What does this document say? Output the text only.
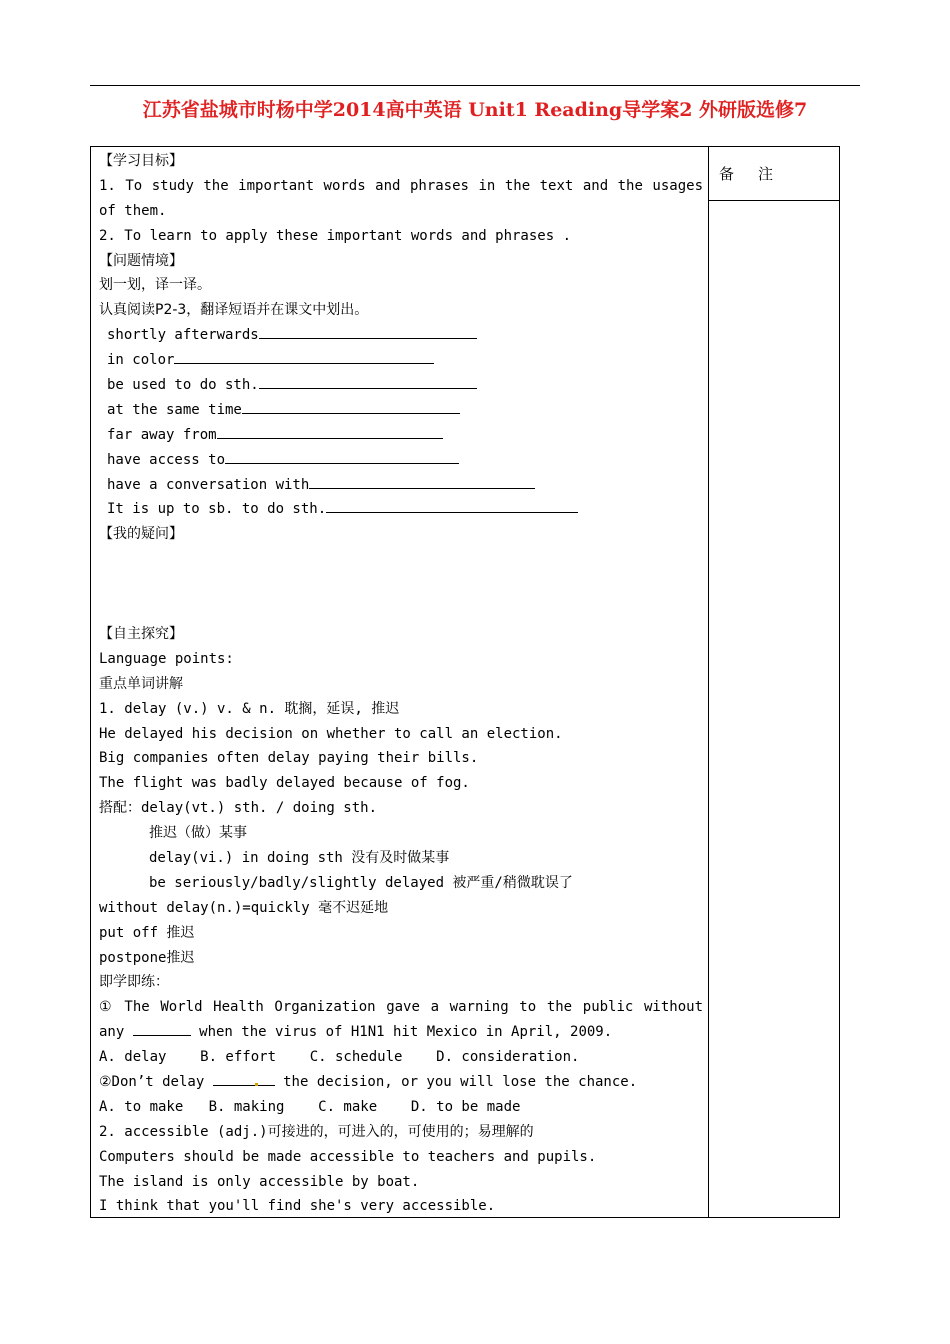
江苏省盐城市时杨中学2014高中英语 Unit1 Reading导学案2 外研版选修7
备 注
【学习目标】
1. To study the important words and phrases in the text and the usages
of them.
2. To learn to apply these important words and phrases .
【问题情境】
划一划，译一译。
认真阅读P2-3，翻译短语并在课文中划出。
shortly afterwards
in color
be used to do sth.
at the same time
far away from
have access to
have a conversation with
It is up to sb. to do sth.
【我的疑问】
【自主探究】
Language points:
重点单词讲解
1. delay (v.) v. & n. 耽搁，延误, 推迟
He delayed his decision on whether to call an election.
Big companies often delay paying their bills.
The flight was badly delayed because of fog.
搭配：delay(vt.) sth. / doing sth.
推迟（做）某事
delay(vi.) in doing sth 没有及时做某事
be seriously/badly/slightly delayed 被严重/稍微耽误了
without delay(n.)=quickly 毫不迟延地
put off 推迟
postpone推迟
即学即练：
① The World Health Organization gave a warning to the public without
any	when the virus of H1N1 hit Mexico in April, 2009.
A. delay    B. effort    C. schedule    D. consideration.
②Don’t delay	the decision, or you will lose the chance.
A. to make   B. making    C. make    D. to be made
2. accessible (adj.)可接进的，可进入的，可使用的；易理解的
Computers should be made accessible to teachers and pupils.
The island is only accessible by boat.
I think that you'll find she's very accessible.
